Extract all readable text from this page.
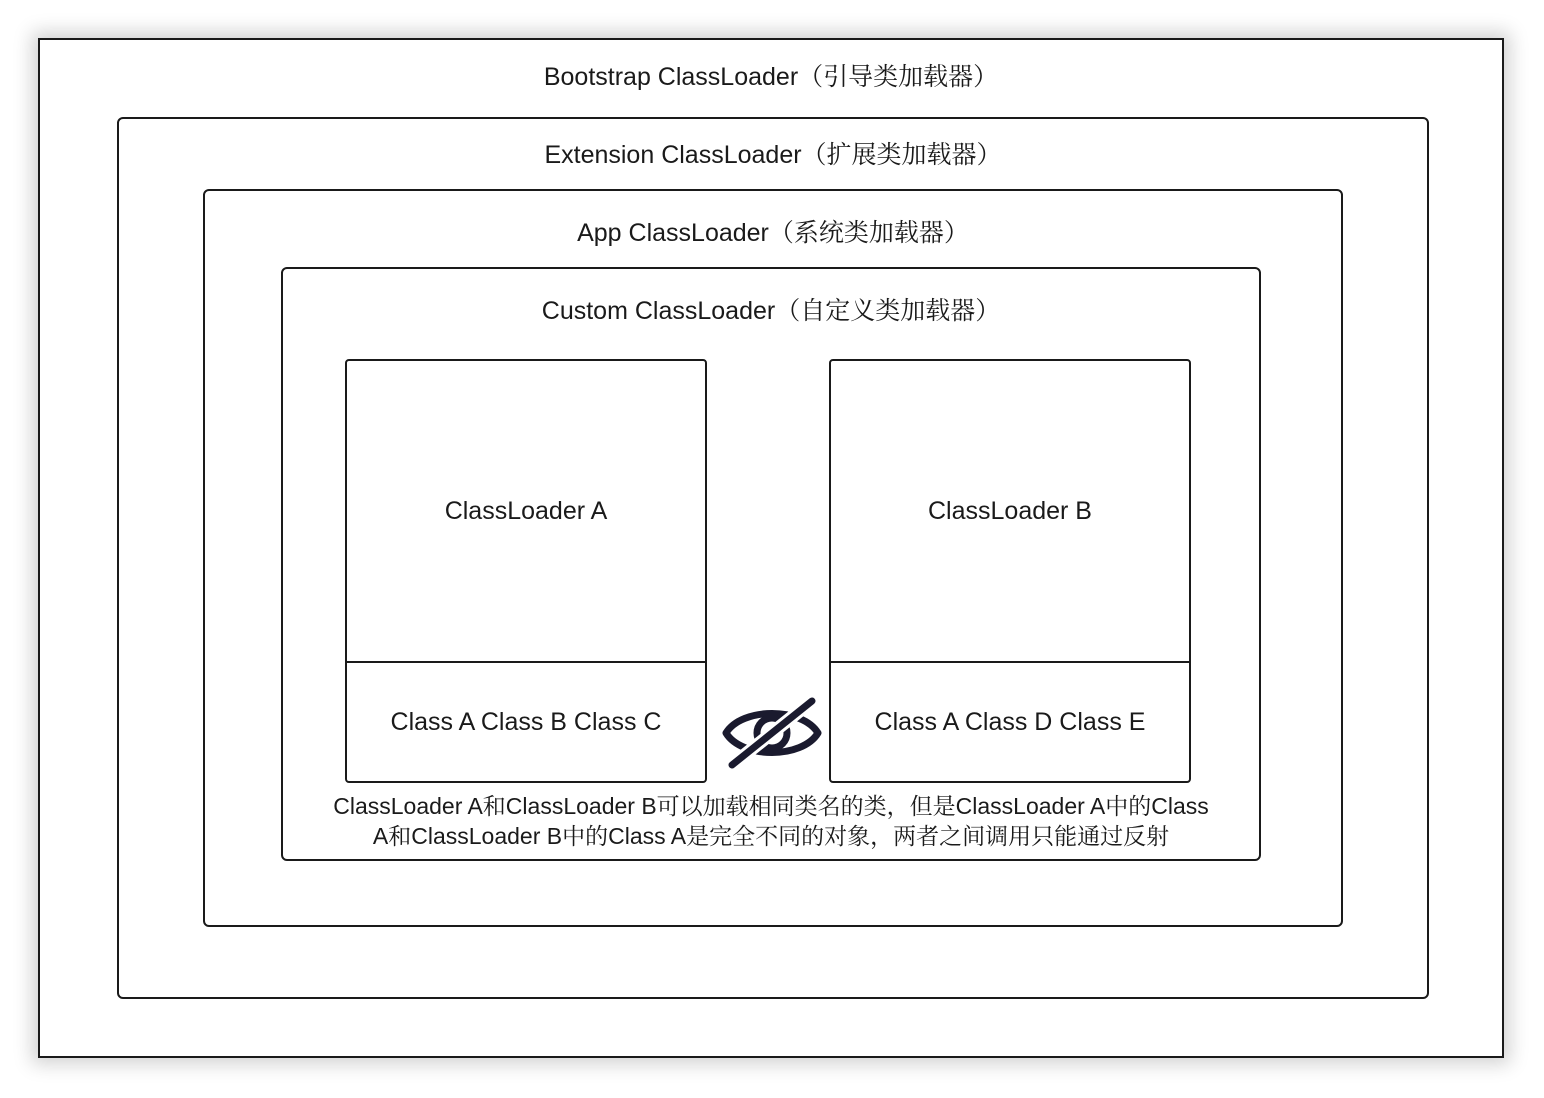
Bootstrap ClassLoader（引导类加载器）
Extension ClassLoader（扩展类加载器）
App ClassLoader（系统类加载器）
Custom ClassLoader（自定义类加载器）
ClassLoader A
Class A Class B Class C
ClassLoader B
Class A Class D Class E
ClassLoader A和ClassLoader B可以加载相同类名的类，但是ClassLoader A中的Class
A和ClassLoader B中的Class A是完全不同的对象，两者之间调用只能通过反射
